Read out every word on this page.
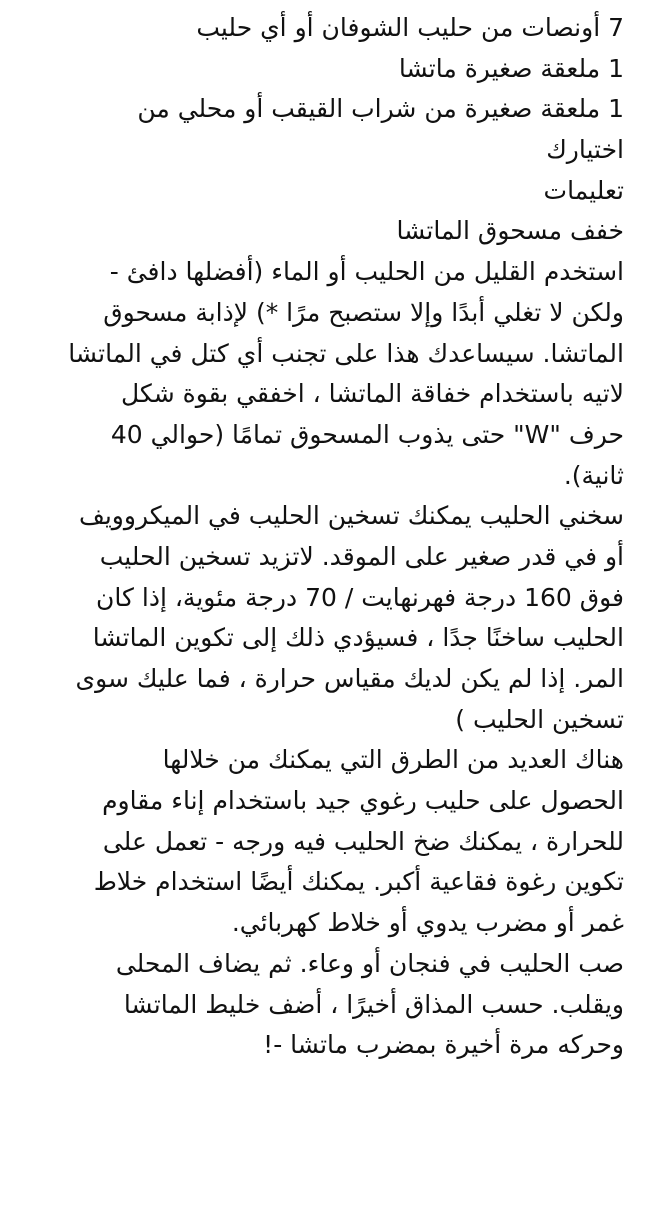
7 أونصات من حليب الشوفان أو أي حليب
1 ملعقة صغيرة ماتشا
1 ملعقة صغيرة من شراب القيقب أو محلي من
اختيارك
تعليمات
خفف مسحوق الماتشا
استخدم القليل من الحليب أو الماء (أفضلها دافئ -
ولكن لا تغلي أبدًا وإلا ستصبح مرًا *) لإذابة مسحوق
الماتشا. سيساعدك هذا على تجنب أي كتل في الماتشا
لاتيه باستخدام خفاقة الماتشا ، اخفقي بقوة شكل
حرف "W" حتى يذوب المسحوق تمامًا (حوالي 40
ثانية).
سخني الحليب يمكنك تسخين الحليب في الميكروويف
أو في قدر صغير على الموقد. لاتزيد تسخين الحليب
فوق 160 درجة فهرنهايت / 70 درجة مئوية، إذا كان
الحليب ساخنًا جدًا ، فسيؤدي ذلك إلى تكوين الماتشا
المر. إذا لم يكن لديك مقياس حرارة ، فما عليك سوى
تسخين الحليب )
هناك العديد من الطرق التي يمكنك من خلالها
الحصول على حليب رغوي جيد باستخدام إناء مقاوم
للحرارة ، يمكنك ضخ الحليب فيه ورجه - تعمل على
تكوين رغوة فقاعية أكبر. يمكنك أيضًا استخدام خلاط
غمر أو مضرب يدوي أو خلاط كهربائي.
صب الحليب في فنجان أو وعاء. ثم يضاف المحلى
ويقلب. حسب المذاق أخيرًا ، أضف خليط الماتشا
وحركه مرة أخيرة بمضرب ماتشا -!
